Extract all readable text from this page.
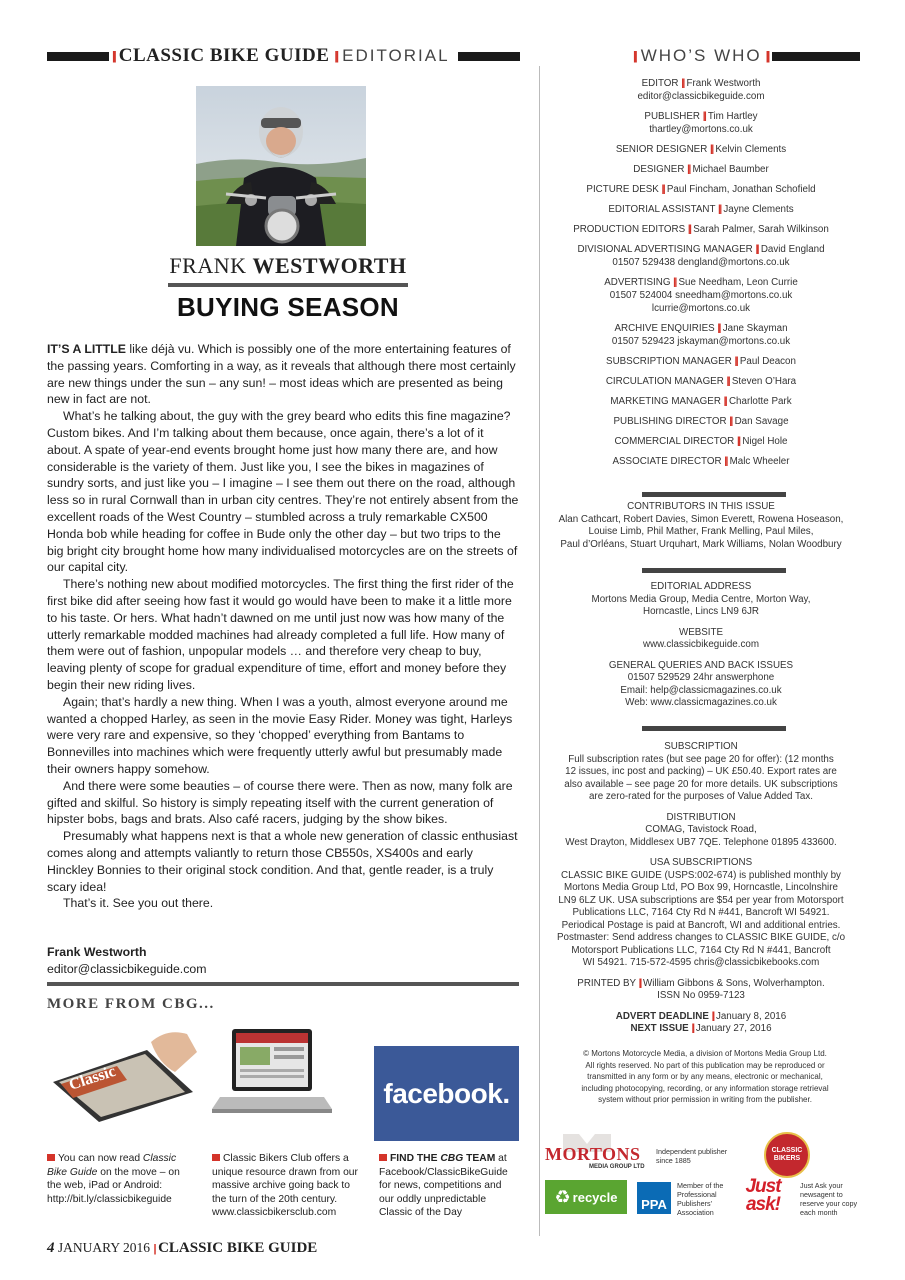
|| CLASSIC BIKE GUIDE || EDITORIAL	|| WHO’S WHO ||
FRANK WESTWORTH
BUYING SEASON

IT’S A LITTLE like déjà vu. Which is possibly one of the more entertaining features of the passing years. Comforting in a way, as it reveals that although there most certainly are new things under the sun – any sun! – most ideas which are presented as being new in fact are not.

What’s he talking about, the guy with the grey beard who edits this fine magazine? Custom bikes. And I’m talking about them because, once again, there’s a lot of it about. A spate of year-end events brought home just how many there are, and how considerable is the variety of them. Just like you, I see the bikes in magazines of sundry sorts, and just like you – I imagine – I see them out there on the road, although less so in rural Cornwall than in urban city centres. They’re not entirely absent from the excellent roads of the West Country – stumbled across a truly remarkable CX500 Honda bob while heading for coffee in Bude only the other day – but two trips to the big bright city brought home how many individualised motorcycles are on the streets of our capital city.

There’s nothing new about modified motorcycles. The first thing the first rider of the first bike did after seeing how fast it would go would have been to make it a little more to his taste. Or hers. What hadn’t dawned on me until just now was how many of the utterly remarkable modded machines had already completed a full life. How many of them were out of fashion, unpopular models … and therefore very cheap to buy, leaving plenty of scope for gradual expenditure of time, effort and money before they begin their new riding lives.

Again; that’s hardly a new thing. When I was a youth, almost everyone around me wanted a chopped Harley, as seen in the movie Easy Rider. Money was tight, Harleys were very rare and expensive, so they ‘chopped’ everything from Bantams to Bonnevilles into machines which were frequently utterly awful but presumably made their owners happy somehow.

And there were some beauties – of course there were. Then as now, many folk are gifted and skilful. So history is simply repeating itself with the current generation of hipster bobs, bags and brats. Also café racers, judging by the show bikes.

Presumably what happens next is that a whole new generation of classic enthusiast comes along and attempts valiantly to return those CB550s, XS400s and early Hinckley Bonnies to their original stock condition. And that, gentle reader, is a truly scary idea!

That’s it. See you out there.

Frank Westworth
editor@classicbikeguide.com
MORE FROM CBG...
Classic	facebook.
You can now read Classic Bike Guide on the move – on the web, iPad or Android: http://bit.ly/classicbikeguide
Classic Bikers Club offers a unique resource drawn from our massive archive going back to the turn of the 20th century. www.classicbikersclub.com
FIND THE CBG TEAM at Facebook/ClassicBikeGuide for news, competitions and our oddly unpredictable Classic of the Day
EDITOR || Frank Westworth
editor@classicbikeguide.com
PUBLISHER || Tim Hartley
thartley@mortons.co.uk
SENIOR DESIGNER || Kelvin Clements
DESIGNER || Michael Baumber
PICTURE DESK || Paul Fincham, Jonathan Schofield
EDITORIAL ASSISTANT || Jayne Clements
PRODUCTION EDITORS || Sarah Palmer, Sarah Wilkinson
DIVISIONAL ADVERTISING MANAGER || David England
01507 529438 dengland@mortons.co.uk
ADVERTISING || Sue Needham, Leon Currie
01507 524004 sneedham@mortons.co.uk
lcurrie@mortons.co.uk
ARCHIVE ENQUIRIES || Jane Skayman
01507 529423 jskayman@mortons.co.uk
SUBSCRIPTION MANAGER || Paul Deacon
CIRCULATION MANAGER || Steven O’Hara
MARKETING MANAGER || Charlotte Park
PUBLISHING DIRECTOR || Dan Savage
COMMERCIAL DIRECTOR || Nigel Hole
ASSOCIATE DIRECTOR || Malc Wheeler
CONTRIBUTORS IN THIS ISSUE
Alan Cathcart, Robert Davies, Simon Everett, Rowena Hoseason,
Louise Limb, Phil Mather, Frank Melling, Paul Miles,
Paul d’Orléans, Stuart Urquhart, Mark Williams, Nolan Woodbury
EDITORIAL ADDRESS
Mortons Media Group, Media Centre, Morton Way,
Horncastle, Lincs LN9 6JR
WEBSITE
www.classicbikeguide.com
GENERAL QUERIES AND BACK ISSUES
01507 529529 24hr answerphone
Email: help@classicmagazines.co.uk
Web: www.classicmagazines.co.uk
SUBSCRIPTION
Full subscription rates (but see page 20 for offer): (12 months
12 issues, inc post and packing) – UK £50.40. Export rates are
also available – see page 20 for more details. UK subscriptions
are zero-rated for the purposes of Value Added Tax.
DISTRIBUTION
COMAG, Tavistock Road,
West Drayton, Middlesex UB7 7QE. Telephone 01895 433600.
USA SUBSCRIPTIONS
CLASSIC BIKE GUIDE (USPS:002-674) is published monthly by
Mortons Media Group Ltd, PO Box 99, Horncastle, Lincolnshire
LN9 6LZ UK. USA subscriptions are $54 per year from Motorsport
Publications LLC, 7164 Cty Rd N #441, Bancroft WI 54921.
Periodical Postage is paid at Bancroft, WI and additional entries.
Postmaster: Send address changes to CLASSIC BIKE GUIDE, c/o
Motorsport Publications LLC, 7164 Cty Rd N #441, Bancroft
WI 54921. 715-572-4595 chris@classicbikebooks.com
PRINTED BY || William Gibbons & Sons, Wolverhampton.
ISSN No 0959-7123
ADVERT DEADLINE || January 8, 2016
NEXT ISSUE || January 27, 2016
© Mortons Motorcycle Media, a division of Mortons Media Group Ltd.
All rights reserved. No part of this publication may be reproduced or
transmitted in any form or by any means, electronic or mechanical,
including photocopying, recording, or any information storage retrieval
system without prior permission in writing from the publisher.
MORTONS
MEDIA GROUP LTD
Independent publisher
since 1885
CLASSIC
BIKERS
♻ recycle PPA
Member of the
Professional
Publishers’
Association
Just ask!
Just Ask your
newsagent to
reserve your copy
each month
4 JANUARY 2016 || CLASSIC BIKE GUIDE
